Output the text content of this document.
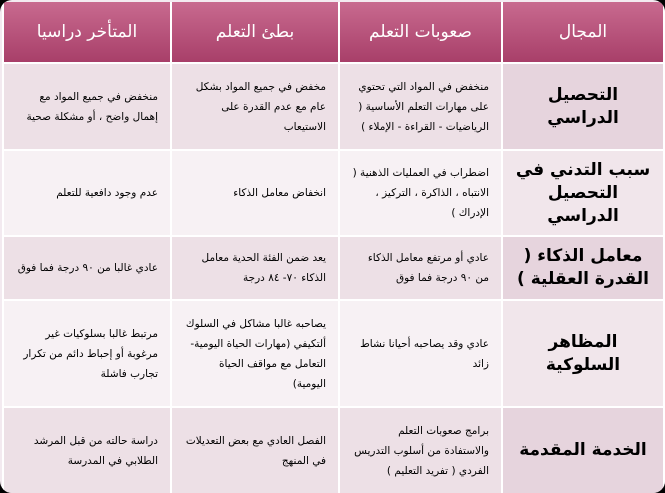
المجال	صعوبات التعلم	بطئ التعلم	المتأخر دراسيا
التحصيل الدراسي	منخفض في المواد التي تحتوي على مهارات التعلم الأساسية ( الرياضيات - القراءة - الإملاء )	مخفض في جميع المواد بشكل عام مع عدم القدرة على الاستيعاب	منخفض في جميع المواد مع إهمال واضح ، أو مشكلة صحية
سبب التدني في التحصيل الدراسي	اضطراب في العمليات الذهنية ( الانتباه ، الذاكرة ، التركيز ، الإدراك )	انخفاض معامل الذكاء	عدم وجود دافعية للتعلم
معامل الذكاء ( القدرة العقلية )	عادي أو مرتفع معامل الذكاء من ٩٠ درجة فما فوق	يعد ضمن الفئة الحدية معامل الذكاء ٧٠- ٨٤ درجة	عادي غالبا من ٩٠ درجة فما فوق
المظاهر السلوكية	عادي وقد يصاحبه أحيانا نشاط زائد	يصاحبه غالبا مشاكل في السلوك ألتكيفي (مهارات الحياة اليومية- التعامل مع مواقف الحياة اليومية)	مرتبط غالبا بسلوكيات غير مرغوبة أو إحباط دائم من تكرار تجارب فاشلة
الخدمة المقدمة	برامج صعوبات التعلم والاستفادة من أسلوب التدريس الفردي ( تفريد التعليم )	الفصل العادي مع بعض التعديلات في المنهج	دراسة حالته من قبل المرشد الطلابي في المدرسة
